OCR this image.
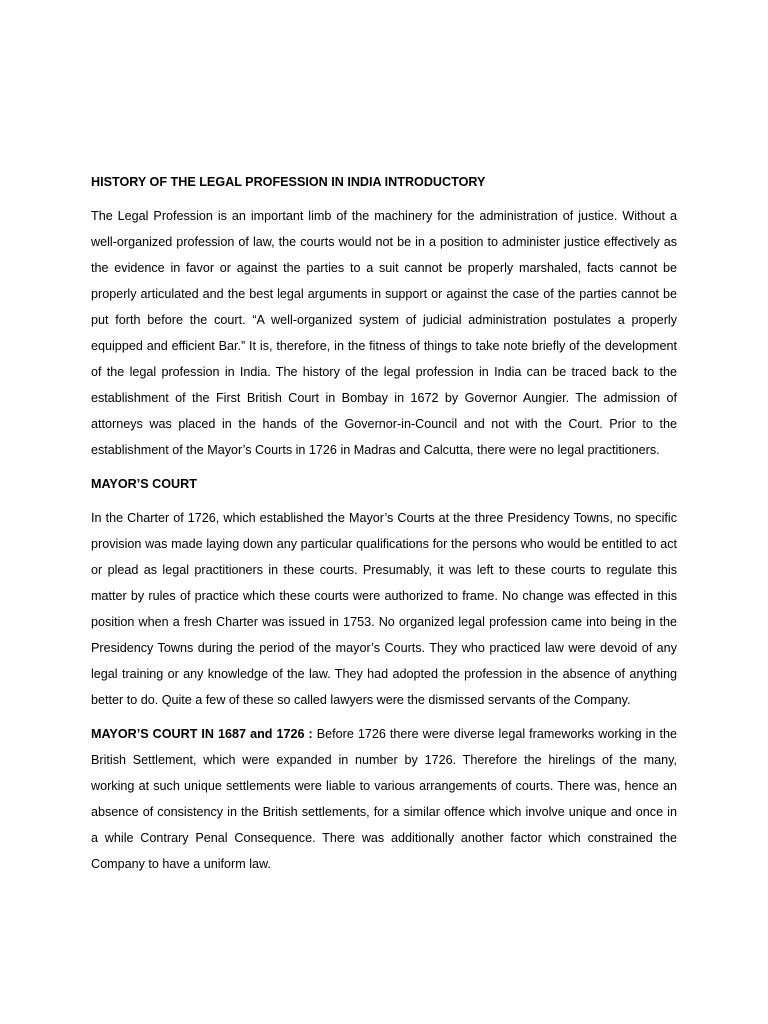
HISTORY OF THE LEGAL PROFESSION IN INDIA INTRODUCTORY

The Legal Profession is an important limb of the machinery for the administration of justice. Without a well-organized profession of law, the courts would not be in a position to administer justice effectively as the evidence in favor or against the parties to a suit cannot be properly marshaled, facts cannot be properly articulated and the best legal arguments in support or against the case of the parties cannot be put forth before the court. “A well-organized system of judicial administration postulates a properly equipped and efficient Bar.” It is, therefore, in the fitness of things to take note briefly of the development of the legal profession in India. The history of the legal profession in India can be traced back to the establishment of the First British Court in Bombay in 1672 by Governor Aungier. The admission of attorneys was placed in the hands of the Governor-in-Council and not with the Court. Prior to the establishment of the Mayor’s Courts in 1726 in Madras and Calcutta, there were no legal practitioners.

MAYOR’S COURT

In the Charter of 1726, which established the Mayor’s Courts at the three Presidency Towns, no specific provision was made laying down any particular qualifications for the persons who would be entitled to act or plead as legal practitioners in these courts. Presumably, it was left to these courts to regulate this matter by rules of practice which these courts were authorized to frame. No change was effected in this position when a fresh Charter was issued in 1753. No organized legal profession came into being in the Presidency Towns during the period of the mayor’s Courts. They who practiced law were devoid of any legal training or any knowledge of the law. They had adopted the profession in the absence of anything better to do. Quite a few of these so called lawyers were the dismissed servants of the Company.

MAYOR’S COURT IN 1687 and 1726 : Before 1726 there were diverse legal frameworks working in the British Settlement, which were expanded in number by 1726. Therefore the hirelings of the many, working at such unique settlements were liable to various arrangements of courts. There was, hence an absence of consistency in the British settlements, for a similar offence which involve unique and once in a while Contrary Penal Consequence. There was additionally another factor which constrained the Company to have a uniform law.
